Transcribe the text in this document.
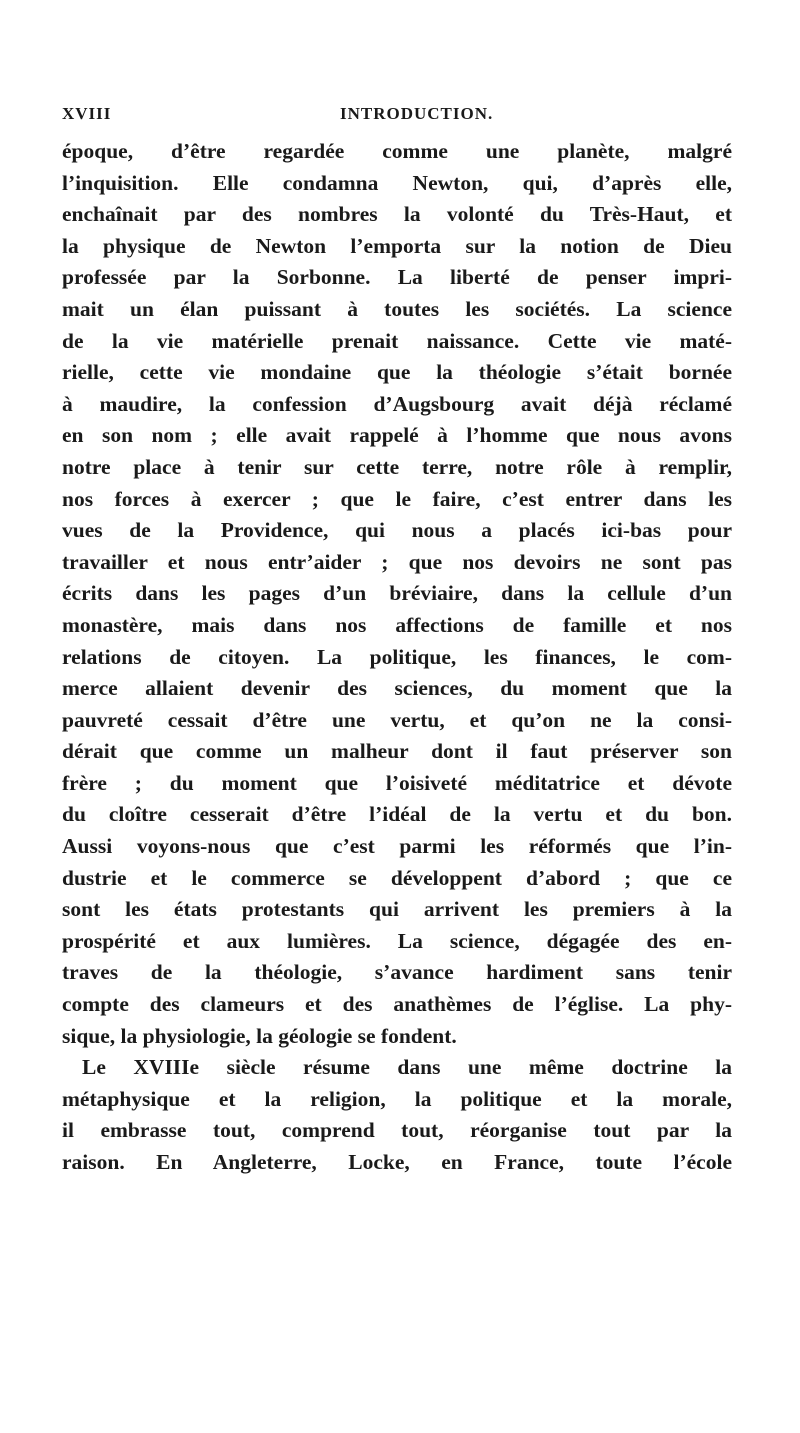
XVIII	INTRODUCTION.
époque, d’être regardée comme une planète, malgré
l’inquisition. Elle condamna Newton, qui, d’après elle,
enchaînait par des nombres la volonté du Très-Haut, et
la physique de Newton l’emporta sur la notion de Dieu
professée par la Sorbonne. La liberté de penser impri-
mait un élan puissant à toutes les sociétés. La science
de la vie matérielle prenait naissance. Cette vie maté-
rielle, cette vie mondaine que la théologie s’était bornée
à maudire, la confession d’Augsbourg avait déjà réclamé
en son nom ; elle avait rappelé à l’homme que nous avons
notre place à tenir sur cette terre, notre rôle à remplir,
nos forces à exercer ; que le faire, c’est entrer dans les
vues de la Providence, qui nous a placés ici-bas pour
travailler et nous entr’aider ; que nos devoirs ne sont pas
écrits dans les pages d’un bréviaire, dans la cellule d’un
monastère, mais dans nos affections de famille et nos
relations de citoyen. La politique, les finances, le com-
merce allaient devenir des sciences, du moment que la
pauvreté cessait d’être une vertu, et qu’on ne la consi-
dérait que comme un malheur dont il faut préserver son
frère ; du moment que l’oisiveté méditatrice et dévote
du cloître cesserait d’être l’idéal de la vertu et du bon.
Aussi voyons-nous que c’est parmi les réformés que l’in-
dustrie et le commerce se développent d’abord ; que ce
sont les états protestants qui arrivent les premiers à la
prospérité et aux lumières. La science, dégagée des en-
traves de la théologie, s’avance hardiment sans tenir
compte des clameurs et des anathèmes de l’église. La phy-
sique, la physiologie, la géologie se fondent.
Le XVIIIe siècle résume dans une même doctrine la
métaphysique et la religion, la politique et la morale,
il embrasse tout, comprend tout, réorganise tout par la
raison. En Angleterre, Locke, en France, toute l’école
